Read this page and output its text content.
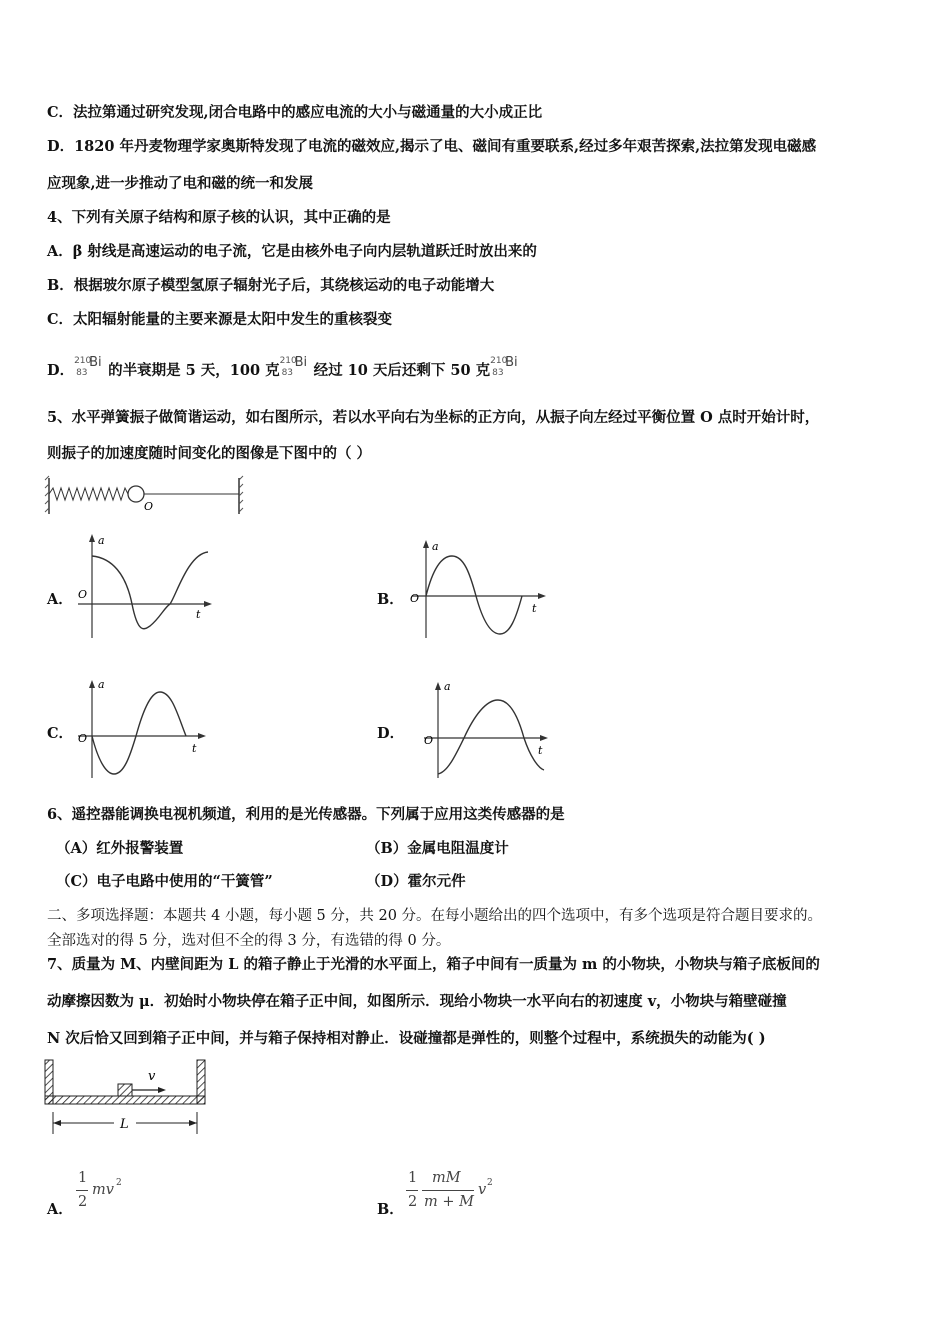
C．法拉第通过研究发现,闭合电路中的感应电流的大小与磁通量的大小成正比
D．1820 年丹麦物理学家奥斯特发现了电流的磁效应,揭示了电、磁间有重要联系,经过多年艰苦探索,法拉第发现电磁感
应现象,进一步推动了电和磁的统一和发展
4、下列有关原子结构和原子核的认识，其中正确的是
A．β 射线是高速运动的电子流，它是由核外电子向内层轨道跃迁时放出来的
B．根据玻尔原子模型氢原子辐射光子后，其绕核运动的电子动能增大
C．太阳辐射能量的主要来源是太阳中发生的重核裂变
D．
210
83
Bi 的半衰期是 5 天，100 克
210
83
Bi 经过 10 天后还剩下 50 克
210
83
Bi
5、水平弹簧振子做简谐运动，如右图所示，若以水平向右为坐标的正方向，从振子向左经过平衡位置 O 点时开始计时，
则振子的加速度随时间变化的图像是下图中的（ ）
O
A．	B．
C．	D．
a
t
O
a
t
O
a
t
O
a
t
O
6、遥控器能调换电视机频道，利用的是光传感器。下列属于应用这类传感器的是
（A）红外报警装置	（B）金属电阻温度计
（C）电子电路中使用的“干簧管”	（D）霍尔元件
二、多项选择题：本题共 4 小题，每小题 5 分，共 20 分。在每小题给出的四个选项中，有多个选项是符合题目要求的。
全部选对的得 5 分，选对但不全的得 3 分，有选错的得 0 分。
7、质量为 M、内壁间距为 L 的箱子静止于光滑的水平面上，箱子中间有一质量为 m 的小物块，小物块与箱子底板间的
动摩擦因数为 μ．初始时小物块停在箱子正中间，如图所示．现给小物块一水平向右的初速度 v，小物块与箱壁碰撞
N 次后恰又回到箱子正中间，并与箱子保持相对静止．设碰撞都是弹性的，则整个过程中，系统损失的动能为( )
v
L
A．
1
2
mv 2
B．
1
2
mM
m + M
v 2
